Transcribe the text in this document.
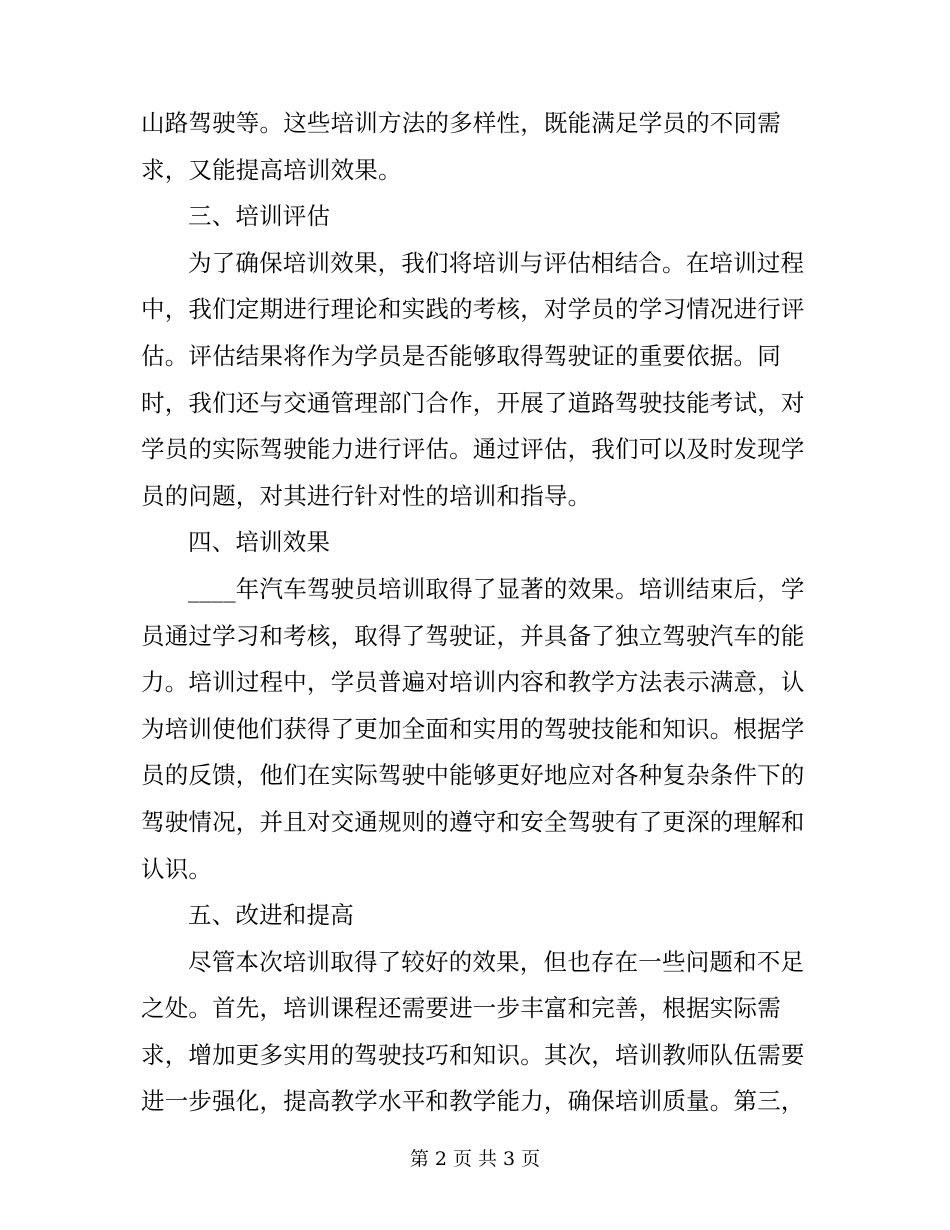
山路驾驶等。这些培训方法的多样性，既能满足学员的不同需
求，又能提高培训效果。
三、培训评估
为了确保培训效果，我们将培训与评估相结合。在培训过程
中，我们定期进行理论和实践的考核，对学员的学习情况进行评
估。评估结果将作为学员是否能够取得驾驶证的重要依据。同
时，我们还与交通管理部门合作，开展了道路驾驶技能考试，对
学员的实际驾驶能力进行评估。通过评估，我们可以及时发现学
员的问题，对其进行针对性的培训和指导。
四、培训效果
____年汽车驾驶员培训取得了显著的效果。培训结束后，学
员通过学习和考核，取得了驾驶证，并具备了独立驾驶汽车的能
力。培训过程中，学员普遍对培训内容和教学方法表示满意，认
为培训使他们获得了更加全面和实用的驾驶技能和知识。根据学
员的反馈，他们在实际驾驶中能够更好地应对各种复杂条件下的
驾驶情况，并且对交通规则的遵守和安全驾驶有了更深的理解和
认识。
五、改进和提高
尽管本次培训取得了较好的效果，但也存在一些问题和不足
之处。首先，培训课程还需要进一步丰富和完善，根据实际需
求，增加更多实用的驾驶技巧和知识。其次，培训教师队伍需要
进一步强化，提高教学水平和教学能力，确保培训质量。第三，
第 2 页 共 3 页
